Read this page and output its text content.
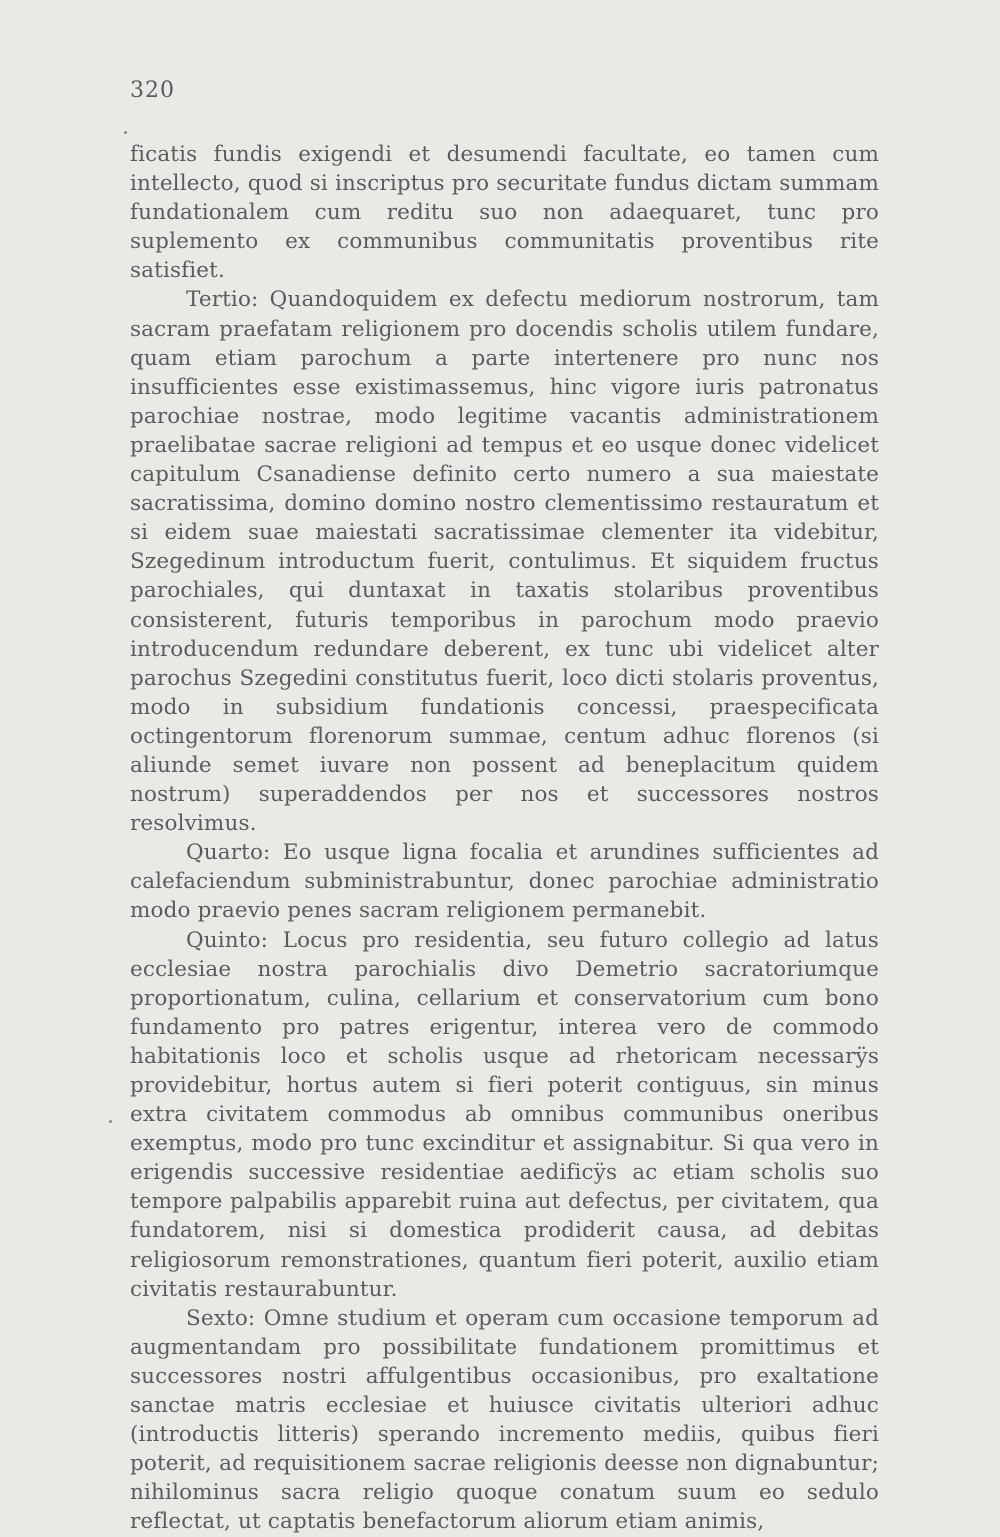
320

ficatis fundis exigendi et desumendi facultate, eo tamen cum intellecto, quod si inscriptus pro securitate fundus dictam summam fundationalem cum reditu suo non adaequaret, tunc pro suplemento ex communibus communitatis proventibus rite satisfiet.

Tertio: Quandoquidem ex defectu mediorum nostrorum, tam sacram praefatam religionem pro docendis scholis utilem fundare, quam etiam parochum a parte intertenere pro nunc nos insufficientes esse existimassemus, hinc vigore iuris patronatus parochiae nostrae, modo legitime vacantis administrationem praelibatae sacrae religioni ad tempus et eo usque donec videlicet capitulum Csanadiense definito certo numero a sua maiestate sacratissima, domino domino nostro clementissimo restauratum et si eidem suae maiestati sacratissimae clementer ita videbitur, Szegedinum introductum fuerit, contulimus. Et siquidem fructus parochiales, qui duntaxat in taxatis stolaribus proventibus consisterent, futuris temporibus in parochum modo praevio introducendum redundare deberent, ex tunc ubi videlicet alter parochus Szegedini constitutus fuerit, loco dicti stolaris proventus, modo in subsidium fundationis concessi, praespecificata octingentorum florenorum summae, centum adhuc florenos (si aliunde semet iuvare non possent ad beneplacitum quidem nostrum) superaddendos per nos et successores nostros resolvimus.

Quarto: Eo usque ligna focalia et arundines sufficientes ad calefaciendum subministrabuntur, donec parochiae administratio modo praevio penes sacram religionem permanebit.

Quinto: Locus pro residentia, seu futuro collegio ad latus ecclesiae nostra parochialis divo Demetrio sacratoriumque proportionatum, culina, cellarium et conservatorium cum bono fundamento pro patres erigentur, interea vero de commodo habitationis loco et scholis usque ad rhetoricam necessarÿs providebitur, hortus autem si fieri poterit contiguus, sin minus extra civitatem commodus ab omnibus communibus oneribus exemptus, modo pro tunc excinditur et assignabitur. Si qua vero in erigendis successive residentiae aedificÿs ac etiam scholis suo tempore palpabilis apparebit ruina aut defectus, per civitatem, qua fundatorem, nisi si domestica prodiderit causa, ad debitas religiosorum remonstrationes, quantum fieri poterit, auxilio etiam civitatis restaurabuntur.

Sexto: Omne studium et operam cum occasione temporum ad augmentandam pro possibilitate fundationem promittimus et successores nostri affulgentibus occasionibus, pro exaltatione sanctae matris ecclesiae et huiusce civitatis ulteriori adhuc (introductis litteris) sperando incremento mediis, quibus fieri poterit, ad requisitionem sacrae religionis deesse non dignabuntur; nihilominus sacra religio quoque conatum suum eo sedulo reflectat, ut captatis benefactorum aliorum etiam animis,
